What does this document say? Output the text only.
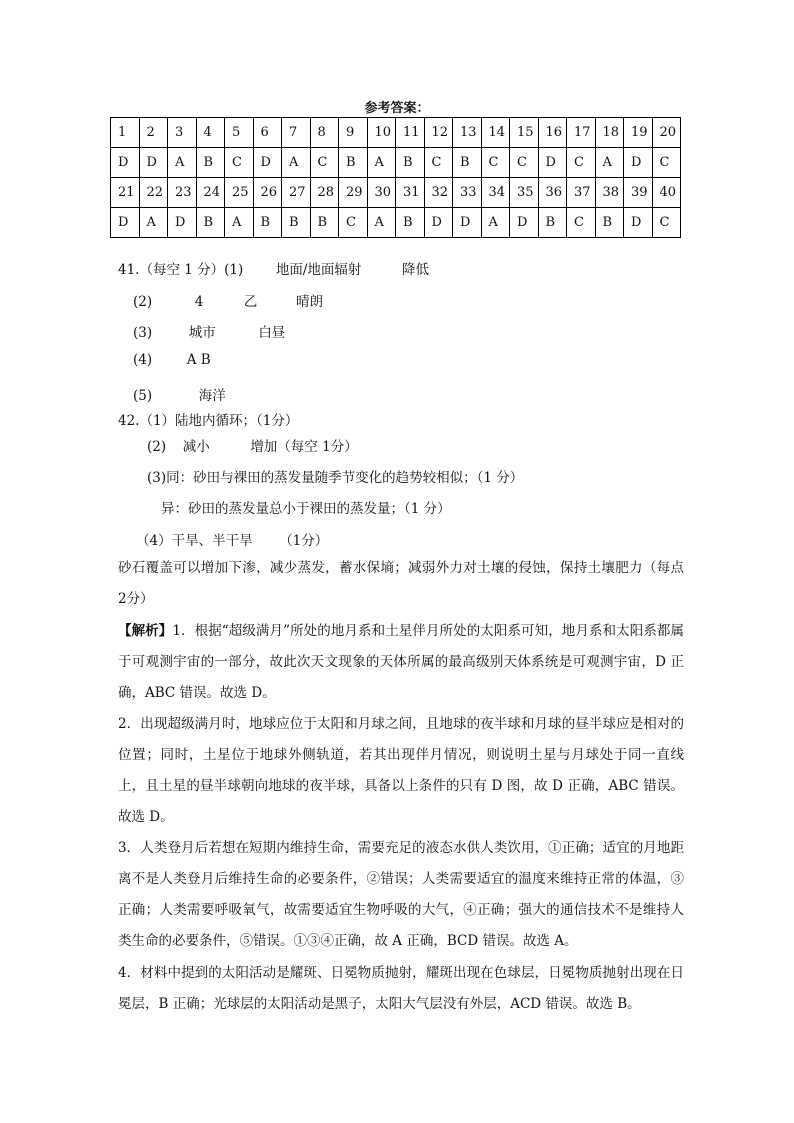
参考答案：
1	2	3	4	5	6	7	8	9	10	11	12	13	14	15	16	17	18	19	20
D	D	A	B	C	D	A	C	B	A	B	C	B	C	C	D	C	A	D	C
21	22	23	24	25	26	27	28	29	30	31	32	33	34	35	36	37	38	39	40
D	A	D	B	A	B	B	B	C	A	B	D	D	A	D	B	C	B	D	C
41.（每空 1 分）(1) 地面/地面辐射	降低
(2)	4	乙	晴朗
(3)	城市	白昼
(4)	A B
(5)	海洋
42.（1）陆地内循环；（1分）
(2) 减小	增加（每空 1分）
(3)同：砂田与裸田的蒸发量随季节变化的趋势较相似；（1 分）
异：砂田的蒸发量总小于裸田的蒸发量；（1 分）
（4）干旱、半干旱 （1分）

砂石覆盖可以增加下渗，减少蒸发，蓄水保墒；减弱外力对土壤的侵蚀，保持土壤肥力（每点 2分）

【解析】1．根据“超级满月”所处的地月系和土星伴月所处的太阳系可知，地月系和太阳系都属于可观测宇宙的一部分，故此次天文现象的天体所属的最高级别天体系统是可观测宇宙，D 正确，ABC 错误。故选 D。

2．出现超级满月时，地球应位于太阳和月球之间，且地球的夜半球和月球的昼半球应是相对的位置；同时，土星位于地球外侧轨道，若其出现伴月情况，则说明土星与月球处于同一直线上，且土星的昼半球朝向地球的夜半球，具备以上条件的只有 D 图，故 D 正确，ABC 错误。故选 D。

3．人类登月后若想在短期内维持生命，需要充足的液态水供人类饮用，①正确；适宜的月地距离不是人类登月后维持生命的必要条件，②错误；人类需要适宜的温度来维持正常的体温，③正确；人类需要呼吸氧气，故需要适宜生物呼吸的大气，④正确；强大的通信技术不是维持人类生命的必要条件，⑤错误。①③④正确，故 A 正确，BCD 错误。故选 A。

4．材料中提到的太阳活动是耀斑、日冕物质抛射，耀斑出现在色球层，日冕物质抛射出现在日冕层，B 正确；光球层的太阳活动是黑子，太阳大气层没有外层，ACD 错误。故选 B。
